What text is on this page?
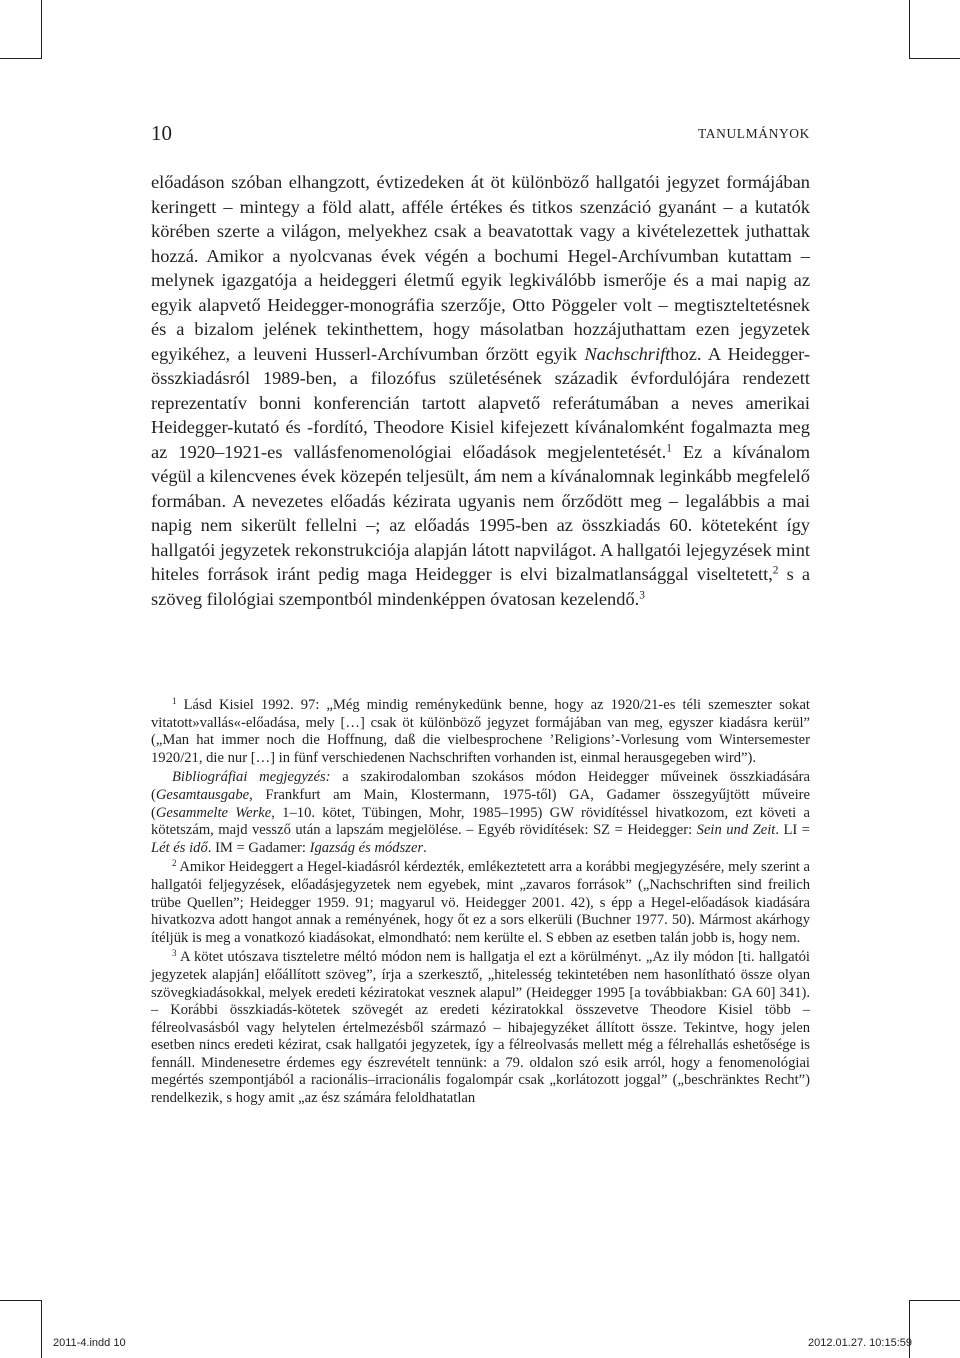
10	TANULMÁNYOK

előadáson szóban elhangzott, évtizedeken át öt különböző hallgatói jegyzet formájában keringett – mintegy a föld alatt, afféle értékes és titkos szenzáció gyanánt – a kutatók körében szerte a világon, melyekhez csak a beavatottak vagy a kivételezettek juthattak hozzá. Amikor a nyolcvanas évek végén a bochumi Hegel-Archívumban kutattam – melynek igazgatója a heideggeri életmű egyik legkiválóbb ismerője és a mai napig az egyik alapvető Heidegger-monográfia szerzője, Otto Pöggeler volt – megtiszteltetésnek és a bizalom jelének tekinthettem, hogy másolatban hozzájuthattam ezen jegyzetek egyikéhez, a leuveni Husserl-Archívumban őrzött egyik Nachschrifthoz. A Heidegger-összkiadásról 1989-ben, a filozófus születésének századik évfordulójára rendezett reprezentatív bonni konferencián tartott alapvető referátumában a neves amerikai Heidegger-kutató és -fordító, Theodore Kisiel kifejezett kívánalomként fogalmazta meg az 1920–1921-es vallásfenomenológiai előadások megjelentetését.$^1$ Ez a kívánalom végül a kilencvenes évek közepén teljesült, ám nem a kívánalomnak leginkább megfelelő formában. A nevezetes előadás kézirata ugyanis nem őrződött meg – legalábbis a mai napig nem sikerült fellelni –; az előadás 1995-ben az összkiadás 60. köteteként így hallgatói jegyzetek rekonstrukciója alapján látott napvilágot. A hallgatói lejegyzések mint hiteles források iránt pedig maga Heidegger is elvi bizalmatlansággal viseltetett,$^2$ s a szöveg filológiai szempontból mindenképpen óvatosan kezelendő.$^3$

$^1$ Lásd Kisiel 1992. 97: „Még mindig reménykedünk benne, hogy az 1920/21-es téli szemeszter sokat vitatott»vallás«-előadása, mely […] csak öt különböző jegyzet formájában van meg, egyszer kiadásra kerül” („Man hat immer noch die Hoffnung, daß die vielbesprochene ’Religions’-Vorlesung vom Wintersemester 1920/21, die nur […] in fünf verschiedenen Nachschriften vorhanden ist, einmal herausgegeben wird”).

Bibliográfiai megjegyzés: a szakirodalomban szokásos módon Heidegger műveinek összkiadására (Gesamtausgabe, Frankfurt am Main, Klostermann, 1975-től) GA, Gadamer összegyűjtött műveire (Gesammelte Werke, 1–10. kötet, Tübingen, Mohr, 1985–1995) GW rövidítéssel hivatkozom, ezt követi a kötetszám, majd vessző után a lapszám megjelölése. – Egyéb rövidítések: SZ = Heidegger: Sein und Zeit. LI = Lét és idő. IM = Gadamer: Igazság és módszer.

$^2$ Amikor Heideggert a Hegel-kiadásról kérdezték, emlékeztetett arra a korábbi megjegyzésére, mely szerint a hallgatói feljegyzések, előadásjegyzetek nem egyebek, mint „zavaros források” („Nachschriften sind freilich trübe Quellen”; Heidegger 1959. 91; magyarul vö. Heidegger 2001. 42), s épp a Hegel-előadások kiadására hivatkozva adott hangot annak a reményének, hogy őt ez a sors elkerüli (Buchner 1977. 50). Mármost akárhogy ítéljük is meg a vonatkozó kiadásokat, elmondható: nem kerülte el. S ebben az esetben talán jobb is, hogy nem.

$^3$ A kötet utószava tiszteletre méltó módon nem is hallgatja el ezt a körülményt. „Az ily módon [ti. hallgatói jegyzetek alapján] előállított szöveg”, írja a szerkesztő, „hitelesség tekintetében nem hasonlítható össze olyan szövegkiadásokkal, melyek eredeti kéziratokat vesznek alapul” (Heidegger 1995 [a továbbiakban: GA 60] 341). – Korábbi összkiadás-kötetek szövegét az eredeti kéziratokkal összevetve Theodore Kisiel több – félreolvasásból vagy helytelen értelmezésből származó – hibajegyzéket állított össze. Tekintve, hogy jelen esetben nincs eredeti kézirat, csak hallgatói jegyzetek, így a félreolvasás mellett még a félrehallás eshetősége is fennáll. Mindenesetre érdemes egy észrevételt tennünk: a 79. oldalon szó esik arról, hogy a fenomenológiai megértés szempontjából a racionális–irracionális fogalompár csak „korlátozott joggal” („beschränktes Recht”) rendelkezik, s hogy amit „az ész számára feloldhatatlan

2011-4.indd 10	2012.01.27. 10:15:59
